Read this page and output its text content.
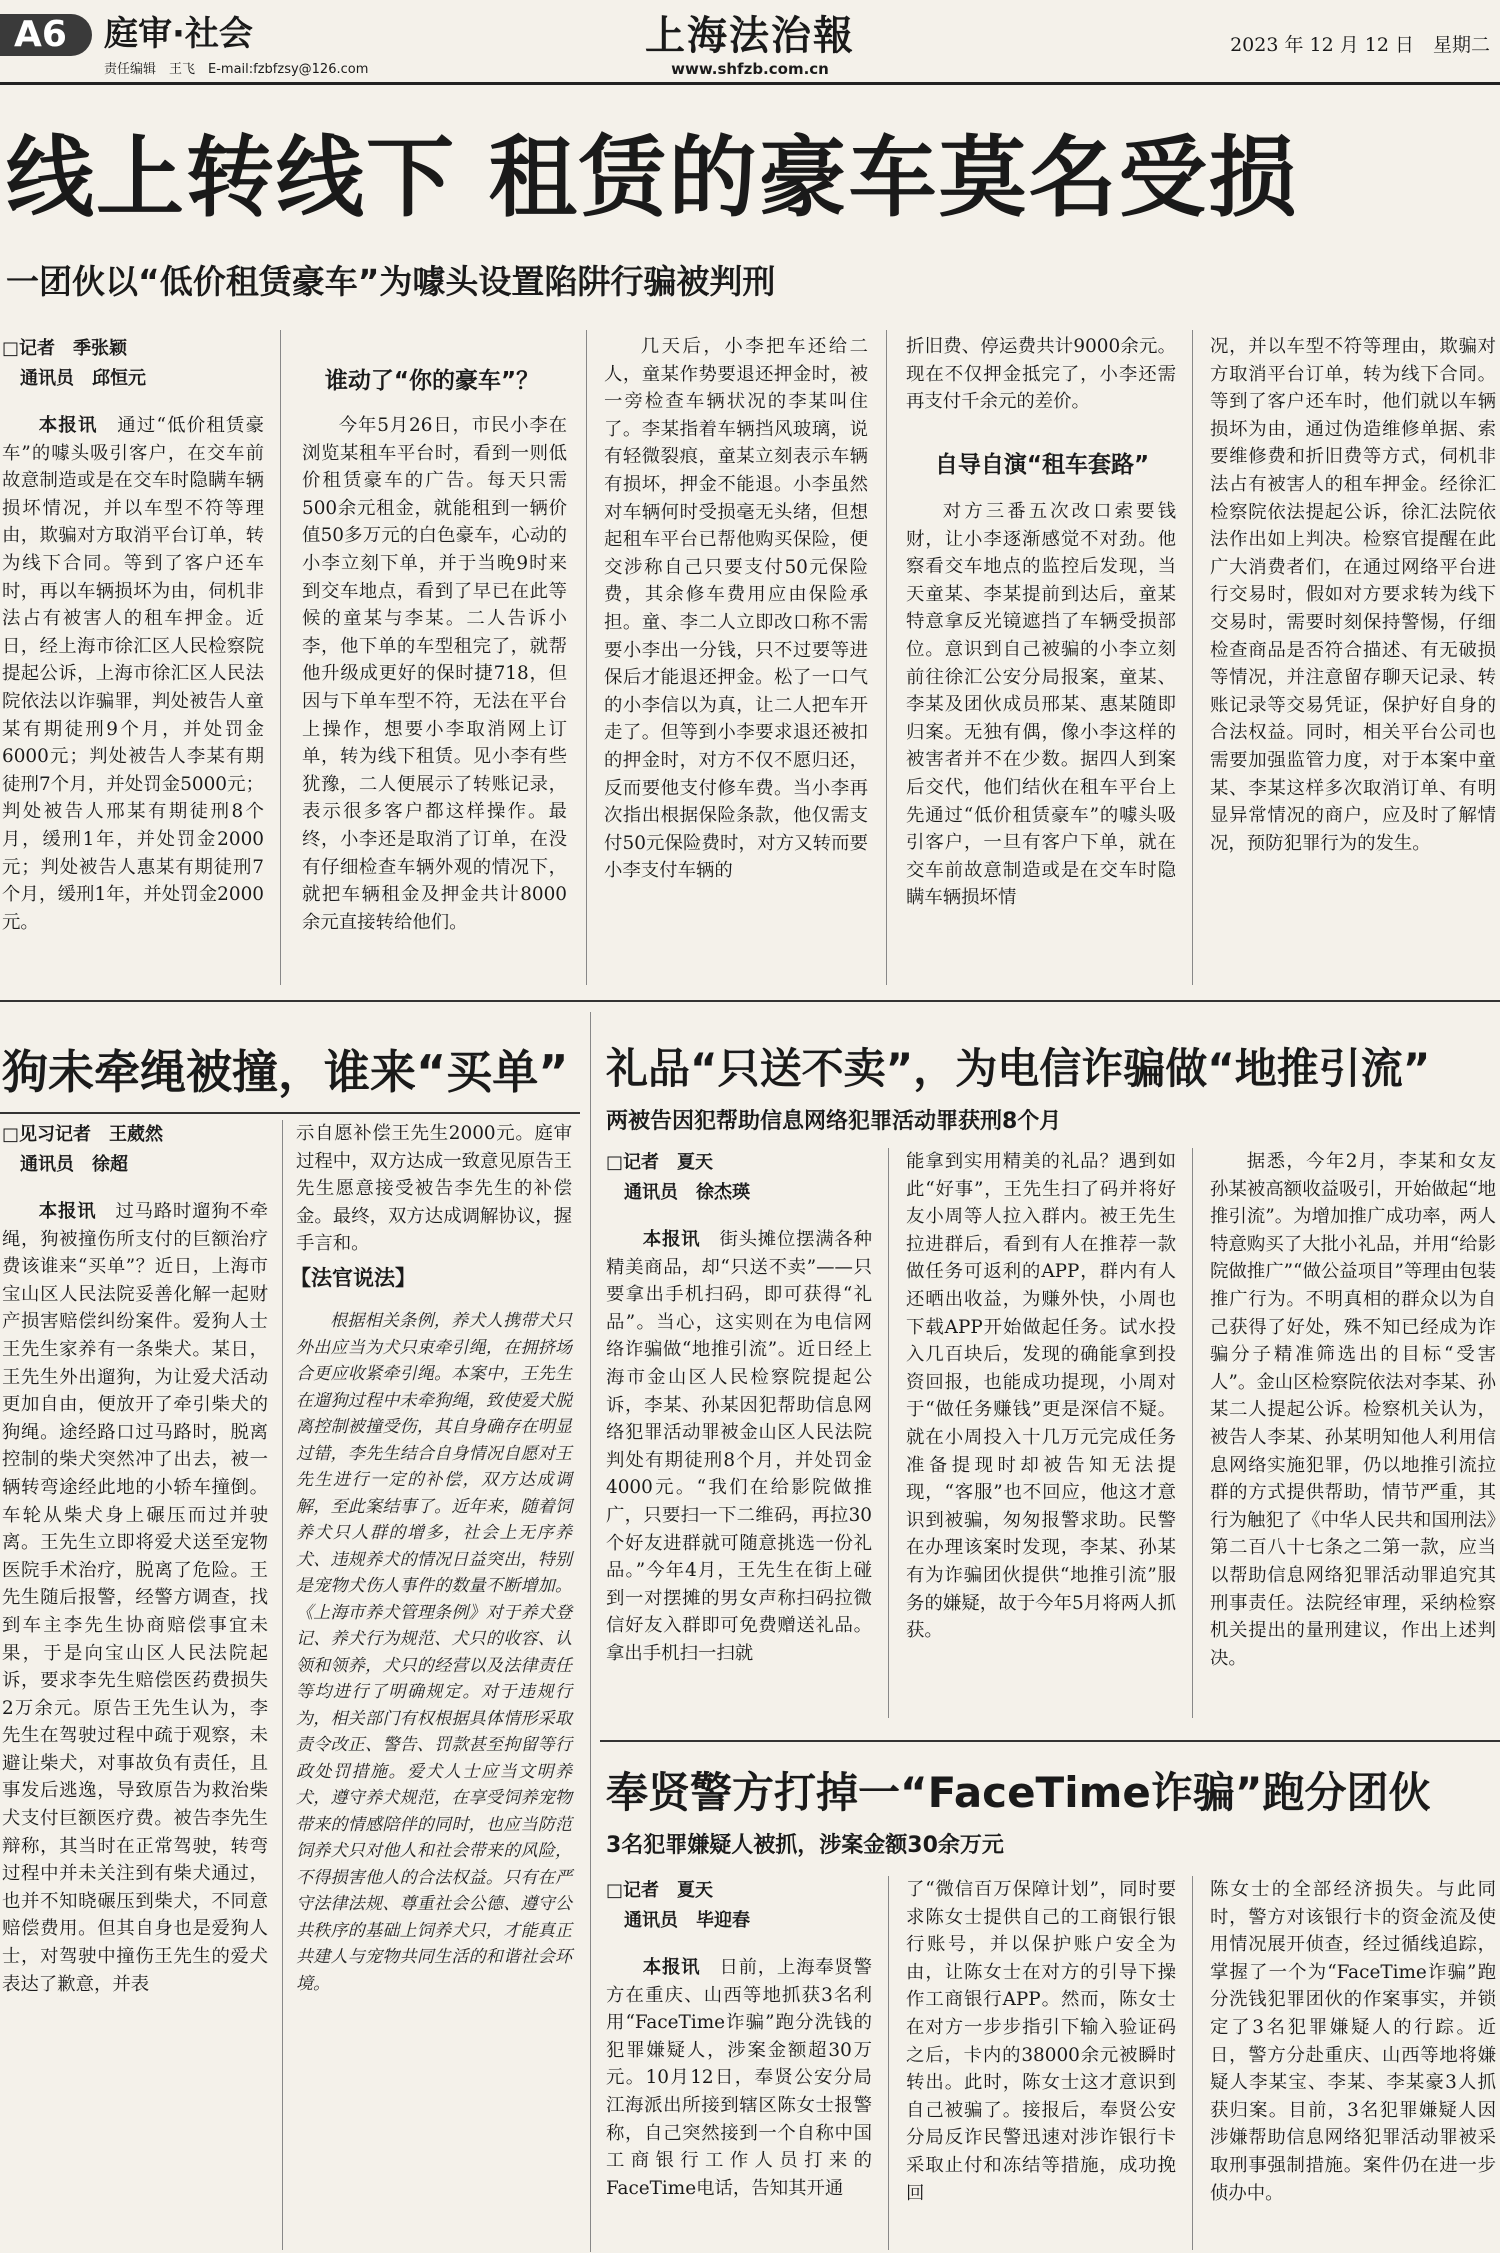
A6	庭审·社会
责任编辑　王飞　E-mail:fzbfzsy@126.com
上海法治報
www.shfzb.com.cn
2023 年 12 月 12 日　星期二
线上转线下 租赁的豪车莫名受损
一团伙以“低价租赁豪车”为噱头设置陷阱行骗被判刑
□记者　季张颖
　通讯员　邱恒元

本报讯　 通过“低价租赁豪车”的噱头吸引客户，在交车前故意制造或是在交车时隐瞒车辆损坏情况，并以车型不符等理由，欺骗对方取消平台订单，转为线下合同。等到了客户还车时，再以车辆损坏为由，伺机非法占有被害人的租车押金。近日，经上海市徐汇区人民检察院提起公诉，上海市徐汇区人民法院依法以诈骗罪，判处被告人童某有期徒刑9个月，并处罚金6000元；判处被告人李某有期徒刑7个月，并处罚金5000元；判处被告人邢某有期徒刑8个月，缓刑1年，并处罚金2000元；判处被告人惠某有期徒刑7个月，缓刑1年，并处罚金2000元。

谁动了“你的豪车”？

今年5月26日，市民小李在浏览某租车平台时，看到一则低价租赁豪车的广告。每天只需500余元租金，就能租到一辆价值50多万元的白色豪车，心动的小李立刻下单，并于当晚9时来到交车地点，看到了早已在此等候的童某与李某。二人告诉小李，他下单的车型租完了，就帮他升级成更好的保时捷718，但因与下单车型不符，无法在平台上操作，想要小李取消网上订单，转为线下租赁。见小李有些犹豫，二人便展示了转账记录，表示很多客户都这样操作。最终，小李还是取消了订单，在没有仔细检查车辆外观的情况下，就把车辆租金及押金共计8000余元直接转给他们。

几天后，小李把车还给二人，童某作势要退还押金时，被一旁检查车辆状况的李某叫住了。李某指着车辆挡风玻璃，说有轻微裂痕，童某立刻表示车辆有损坏，押金不能退。小李虽然对车辆何时受损毫无头绪，但想起租车平台已帮他购买保险，便交涉称自己只要支付50元保险费，其余修车费用应由保险承担。童、李二人立即改口称不需要小李出一分钱，只不过要等进保后才能退还押金。松了一口气的小李信以为真，让二人把车开走了。但等到小李要求退还被扣的押金时，对方不仅不愿归还，反而要他支付修车费。当小李再次指出根据保险条款，他仅需支付50元保险费时，对方又转而要小李支付车辆的

折旧费、停运费共计9000余元。现在不仅押金抵完了，小李还需再支付千余元的差价。

自导自演“租车套路”

对方三番五次改口索要钱财，让小李逐渐感觉不对劲。他察看交车地点的监控后发现，当天童某、李某提前到达后，童某特意拿反光镜遮挡了车辆受损部位。意识到自己被骗的小李立刻前往徐汇公安分局报案，童某、李某及团伙成员邢某、惠某随即归案。无独有偶，像小李这样的被害者并不在少数。据四人到案后交代，他们结伙在租车平台上先通过“低价租赁豪车”的噱头吸引客户，一旦有客户下单，就在交车前故意制造或是在交车时隐瞒车辆损坏情

况，并以车型不符等理由，欺骗对方取消平台订单，转为线下合同。等到了客户还车时，他们就以车辆损坏为由，通过伪造维修单据、索要维修费和折旧费等方式，伺机非法占有被害人的租车押金。经徐汇检察院依法提起公诉，徐汇法院依法作出如上判决。检察官提醒在此广大消费者们，在通过网络平台进行交易时，假如对方要求转为线下交易时，需要时刻保持警惕，仔细检查商品是否符合描述、有无破损等情况，并注意留存聊天记录、转账记录等交易凭证，保护好自身的合法权益。同时，相关平台公司也需要加强监管力度，对于本案中童某、李某这样多次取消订单、有明显异常情况的商户，应及时了解情况，预防犯罪行为的发生。

狗未牵绳被撞，谁来“买单”
□见习记者　王葳然
　通讯员　徐超

本报讯　 过马路时遛狗不牵绳，狗被撞伤所支付的巨额治疗费该谁来“买单”？近日，上海市宝山区人民法院妥善化解一起财产损害赔偿纠纷案件。爱狗人士王先生家养有一条柴犬。某日，王先生外出遛狗，为让爱犬活动更加自由，便放开了牵引柴犬的狗绳。途经路口过马路时，脱离控制的柴犬突然冲了出去，被一辆转弯途经此地的小轿车撞倒。车轮从柴犬身上碾压而过并驶离。王先生立即将爱犬送至宠物医院手术治疗，脱离了危险。王先生随后报警，经警方调查，找到车主李先生协商赔偿事宜未果，于是向宝山区人民法院起诉，要求李先生赔偿医药费损失2万余元。原告王先生认为，李先生在驾驶过程中疏于观察，未避让柴犬，对事故负有责任，且事发后逃逸，导致原告为救治柴犬支付巨额医疗费。被告李先生辩称，其当时在正常驾驶，转弯过程中并未关注到有柴犬通过，也并不知晓碾压到柴犬，不同意赔偿费用。但其自身也是爱狗人士，对驾驶中撞伤王先生的爱犬表达了歉意，并表

示自愿补偿王先生2000元。庭审过程中，双方达成一致意见原告王先生愿意接受被告李先生的补偿金。最终，双方达成调解协议，握手言和。

【法官说法】

根据相关条例，养犬人携带犬只外出应当为犬只束牵引绳，在拥挤场合更应收紧牵引绳。本案中，王先生在遛狗过程中未牵狗绳，致使爱犬脱离控制被撞受伤，其自身确存在明显过错，李先生结合自身情况自愿对王先生进行一定的补偿，双方达成调解，至此案结事了。近年来，随着饲养犬只人群的增多，社会上无序养犬、违规养犬的情况日益突出，特别是宠物犬伤人事件的数量不断增加。《上海市养犬管理条例》对于养犬登记、养犬行为规范、犬只的收容、认领和领养，犬只的经营以及法律责任等均进行了明确规定。对于违规行为，相关部门有权根据具体情形采取责令改正、警告、罚款甚至拘留等行政处罚措施。爱犬人士应当文明养犬，遵守养犬规范，在享受饲养宠物带来的情感陪伴的同时，也应当防范饲养犬只对他人和社会带来的风险，不得损害他人的合法权益。只有在严守法律法规、尊重社会公德、遵守公共秩序的基础上饲养犬只，才能真正共建人与宠物共同生活的和谐社会环境。

礼品“只送不卖”，为电信诈骗做“地推引流”
两被告因犯帮助信息网络犯罪活动罪获刑8个月
□记者　夏天
　通讯员　徐杰瑛

本报讯　 街头摊位摆满各种精美商品，却“只送不卖”——只要拿出手机扫码，即可获得“礼品”。当心，这实则在为电信网络诈骗做“地推引流”。近日经上海市金山区人民检察院提起公诉，李某、孙某因犯帮助信息网络犯罪活动罪被金山区人民法院判处有期徒刑8个月，并处罚金4000元。“我们在给影院做推广，只要扫一下二维码，再拉30个好友进群就可随意挑选一份礼品。”今年4月，王先生在街上碰到一对摆摊的男女声称扫码拉微信好友入群即可免费赠送礼品。拿出手机扫一扫就

能拿到实用精美的礼品？遇到如此“好事”，王先生扫了码并将好友小周等人拉入群内。被王先生拉进群后，看到有人在推荐一款做任务可返利的APP，群内有人还晒出收益，为赚外快，小周也下载APP开始做起任务。试水投入几百块后，发现的确能拿到投资回报，也能成功提现，小周对于“做任务赚钱”更是深信不疑。就在小周投入十几万元完成任务准备提现时却被告知无法提现，“客服”也不回应，他这才意识到被骗，匆匆报警求助。民警在办理该案时发现，李某、孙某有为诈骗团伙提供“地推引流”服务的嫌疑，故于今年5月将两人抓获。

据悉，今年2月，李某和女友孙某被高额收益吸引，开始做起“地推引流”。为增加推广成功率，两人特意购买了大批小礼品，并用“给影院做推广”“做公益项目”等理由包装推广行为。不明真相的群众以为自己获得了好处，殊不知已经成为诈骗分子精准筛选出的目标“受害人”。金山区检察院依法对李某、孙某二人提起公诉。检察机关认为，被告人李某、孙某明知他人利用信息网络实施犯罪，仍以地推引流拉群的方式提供帮助，情节严重，其行为触犯了《中华人民共和国刑法》第二百八十七条之二第一款，应当以帮助信息网络犯罪活动罪追究其刑事责任。法院经审理，采纳检察机关提出的量刑建议，作出上述判决。

奉贤警方打掉一“FaceTime诈骗”跑分团伙
3名犯罪嫌疑人被抓，涉案金额30余万元
□记者　夏天
　通讯员　毕迎春

本报讯　 日前，上海奉贤警方在重庆、山西等地抓获3名利用“FaceTime诈骗”跑分洗钱的犯罪嫌疑人，涉案金额超30万元。10月12日，奉贤公安分局江海派出所接到辖区陈女士报警称，自己突然接到一个自称中国工商银行工作人员打来的FaceTime电话，告知其开通

了“微信百万保障计划”，同时要求陈女士提供自己的工商银行银行账号，并以保护账户安全为由，让陈女士在对方的引导下操作工商银行APP。然而，陈女士在对方一步步指引下输入验证码之后，卡内的38000余元被瞬时转出。此时，陈女士这才意识到自己被骗了。接报后，奉贤公安分局反诈民警迅速对涉诈银行卡采取止付和冻结等措施，成功挽回

陈女士的全部经济损失。与此同时，警方对该银行卡的资金流及使用情况展开侦查，经过循线追踪，掌握了一个为“FaceTime诈骗”跑分洗钱犯罪团伙的作案事实，并锁定了3名犯罪嫌疑人的行踪。近日，警方分赴重庆、山西等地将嫌疑人李某宝、李某、李某豪3人抓获归案。目前，3名犯罪嫌疑人因涉嫌帮助信息网络犯罪活动罪被采取刑事强制措施。案件仍在进一步侦办中。
